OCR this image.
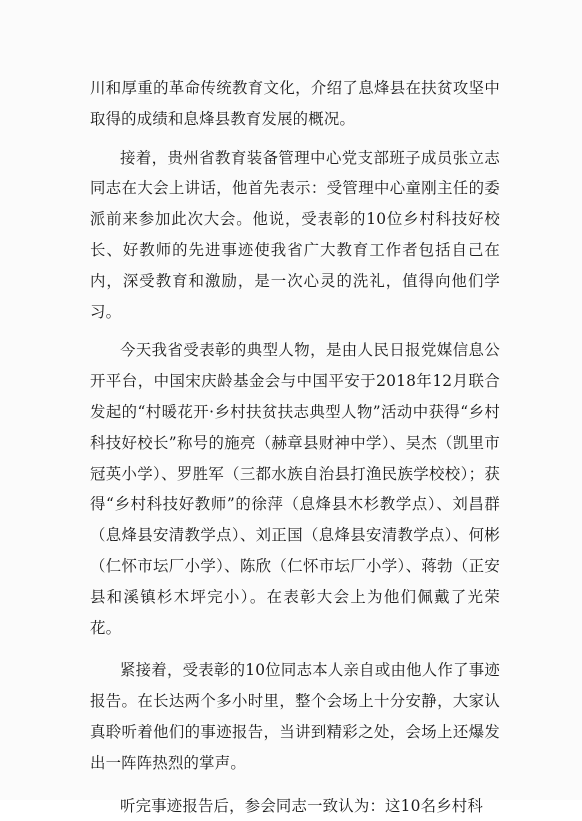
川和厚重的革命传统教育文化，介绍了息烽县在扶贫攻坚中取得的成绩和息烽县教育发展的概况。

接着，贵州省教育装备管理中心党支部班子成员张立志同志在大会上讲话，他首先表示：受管理中心童刚主任的委派前来参加此次大会。他说，受表彰的10位乡村科技好校长、好教师的先进事迹使我省广大教育工作者包括自己在内，深受教育和激励，是一次心灵的洗礼，值得向他们学习。

今天我省受表彰的典型人物，是由人民日报党媒信息公开平台，中国宋庆龄基金会与中国平安于2018年12月联合发起的“村暖花开·乡村扶贫扶志典型人物”活动中获得“乡村科技好校长”称号的施亮（赫章县财神中学）、吴杰（凯里市冠英小学）、罗胜军（三都水族自治县打渔民族学校校）；获得“乡村科技好教师”的徐萍（息烽县木杉教学点）、刘昌群（息烽县安清教学点）、刘正国（息烽县安清教学点）、何彬（仁怀市坛厂小学）、陈欣（仁怀市坛厂小学）、蒋勃（正安县和溪镇杉木坪完小）。在表彰大会上为他们佩戴了光荣花。

紧接着，受表彰的10位同志本人亲自或由他人作了事迹报告。在长达两个多小时里，整个会场上十分安静，大家认真聆听着他们的事迹报告，当讲到精彩之处，会场上还爆发出一阵阵热烈的掌声。

听完事迹报告后，参会同志一致认为：这10名乡村科
